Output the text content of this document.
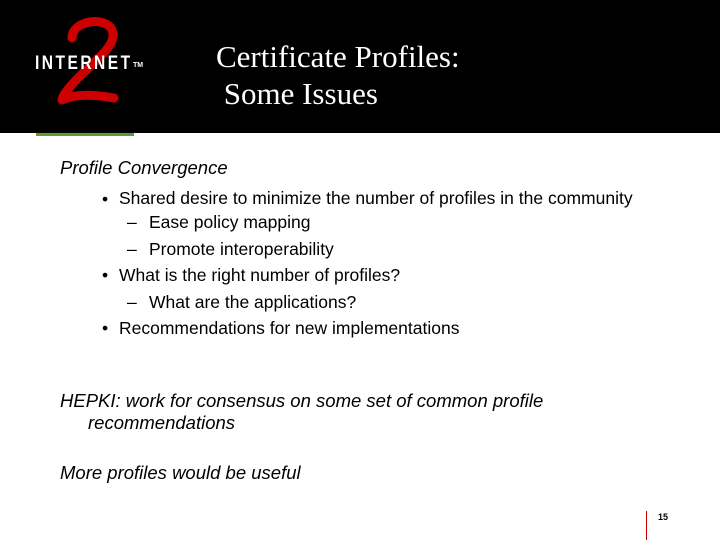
INTERNET TM Certificate Profiles:
Some Issues
Profile Convergence
• Shared desire to minimize the number of profiles in the community
– Ease policy mapping
– Promote interoperability
• What is the right number of profiles?
– What are the applications?
• Recommendations for new implementations
HEPKI: work for consensus on some set of common profile
recommendations
More profiles would be useful
15
